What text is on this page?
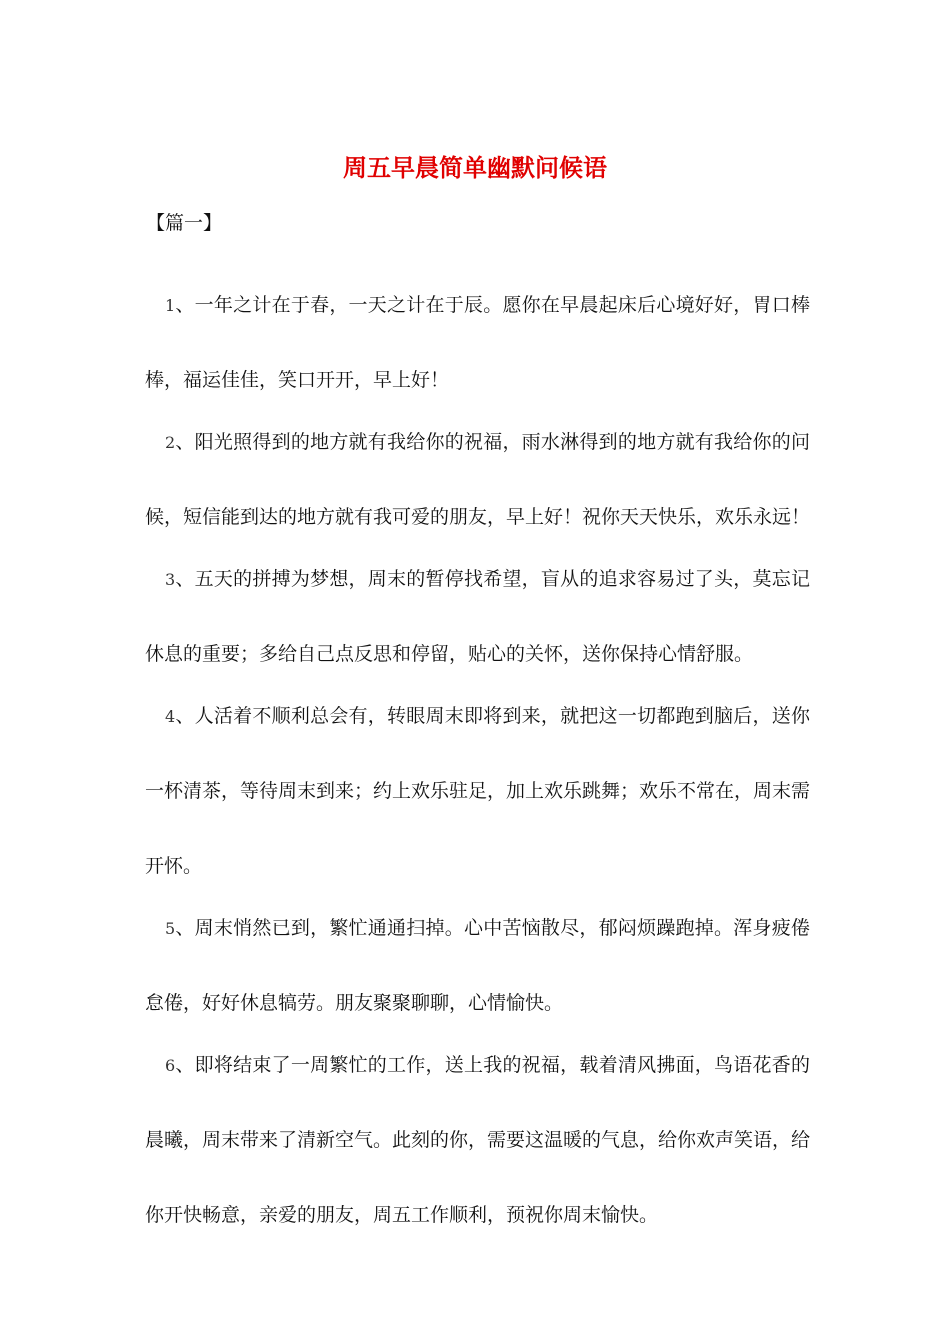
周五早晨简单幽默问候语

【篇一】

1、一年之计在于春，一天之计在于辰。愿你在早晨起床后心境好好，胃口棒棒，福运佳佳，笑口开开，早上好！
2、阳光照得到的地方就有我给你的祝福，雨水淋得到的地方就有我给你的问候，短信能到达的地方就有我可爱的朋友，早上好！祝你天天快乐，欢乐永远！
3、五天的拼搏为梦想，周末的暂停找希望，盲从的追求容易过了头，莫忘记休息的重要；多给自己点反思和停留，贴心的关怀，送你保持心情舒服。
4、人活着不顺利总会有，转眼周末即将到来，就把这一切都跑到脑后，送你一杯清茶，等待周末到来；约上欢乐驻足，加上欢乐跳舞；欢乐不常在，周末需开怀。
5、周末悄然已到，繁忙通通扫掉。心中苦恼散尽，郁闷烦躁跑掉。浑身疲倦怠倦，好好休息犒劳。朋友聚聚聊聊，心情愉快。
6、即将结束了一周繁忙的工作，送上我的祝福，载着清风拂面，鸟语花香的晨曦，周末带来了清新空气。此刻的你，需要这温暖的气息，给你欢声笑语，给你开快畅意，亲爱的朋友，周五工作顺利，预祝你周末愉快。
